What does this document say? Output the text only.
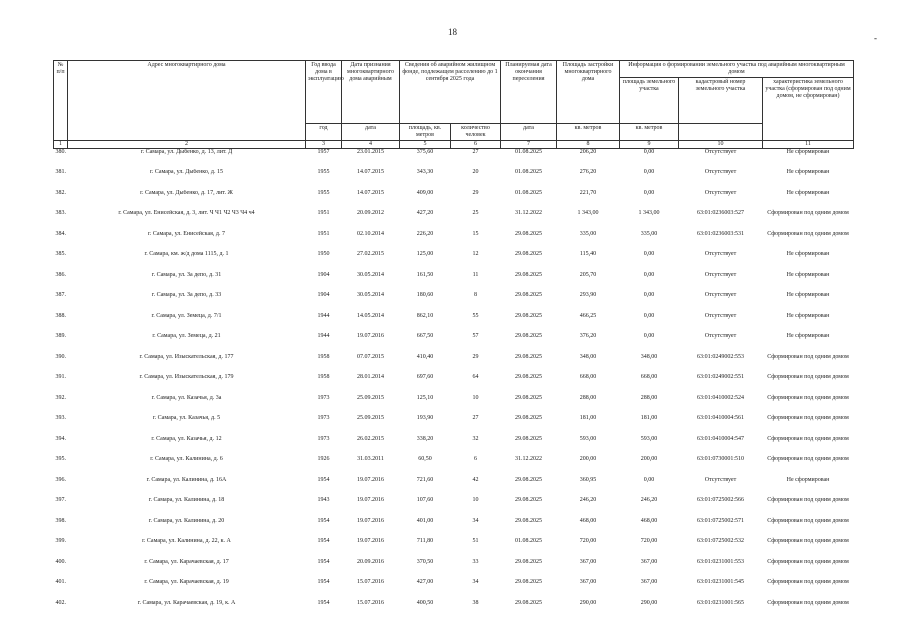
18
-
№ п/п	Адрес многоквартирного дома	Год ввода дома в эксплуатацию	Дата признания многоквартирного дома аварийным	Сведения об аварийном жилищном фонде, подлежащем расселению до 1 сентября 2025 года		Планируемая дата окончания переселения	Площадь застройки многоквартирного дома	Информация о формировании земельного участка под аварийным многоквартирным домом		
								площадь земельного участка	кадастровый номер земельного участка	характеристика земельного участка (сформирован под одним домом, не сформирован)
		год	дата	площадь, кв. метров	количество человек	дата	кв. метров	кв. метров		
1	2	3	4	5	6	7	8	9	10	11
380.	г. Самара, ул. Дыбенко, д. 13, лит. Д	1957	23.01.2015	375,60	27	01.08.2025	206,20	0,00	Отсутствует	Не сформирован
381.	г. Самара, ул. Дыбенко, д. 15	1955	14.07.2015	343,30	20	01.08.2025	276,20	0,00	Отсутствует	Не сформирован
382.	г. Самара, ул. Дыбенко, д. 17, лит. Ж	1955	14.07.2015	409,00	29	01.08.2025	221,70	0,00	Отсутствует	Не сформирован
383.	г. Самара, ул. Енисейская, д. 3, лит. Ч Ч1 Ч2 Ч3 Ч4 ч4	1951	20.09.2012	427,20	25	31.12.2022	1 343,00	1 343,00	63:01:0236003:527	Сформирован под одним домом
384.	г. Самара, ул. Енисейская, д. 7	1951	02.10.2014	226,20	15	29.08.2025	335,00	335,00	63:01:0236003:531	Сформирован под одним домом
385.	г. Самара, км. ж/д дома 1115, д. 1	1950	27.02.2015	125,00	12	29.08.2025	115,40	0,00	Отсутствует	Не сформирован
386.	г. Самара, ул. За депо, д. 31	1904	30.05.2014	161,50	11	29.08.2025	205,70	0,00	Отсутствует	Не сформирован
387.	г. Самара, ул. За депо, д. 33	1904	30.05.2014	180,60	8	29.08.2025	293,90	0,00	Отсутствует	Не сформирован
388.	г. Самара, ул. Земеца, д. 7/1	1944	14.05.2014	862,10	55	29.08.2025	466,25	0,00	Отсутствует	Не сформирован
389.	г. Самара, ул. Земеца, д. 21	1944	19.07.2016	667,50	57	29.08.2025	376,20	0,00	Отсутствует	Не сформирован
390.	г. Самара, ул. Изыскательская, д. 177	1958	07.07.2015	410,40	29	29.08.2025	348,00	348,00	63:01:0249002:553	Сформирован под одним домом
391.	г. Самара, ул. Изыскательская, д. 179	1958	28.01.2014	697,60	64	29.08.2025	668,00	668,00	63:01:0249002:551	Сформирован под одним домом
392.	г. Самара, ул. Казачья, д. 3а	1973	25.09.2015	125,10	10	29.08.2025	288,00	288,00	63:01:0410002:524	Сформирован под одним домом
393.	г. Самара, ул. Казачья, д. 5	1973	25.09.2015	193,90	27	29.08.2025	181,00	181,00	63:01:0410004:561	Сформирован под одним домом
394.	г. Самара, ул. Казачья, д. 12	1973	26.02.2015	338,20	32	29.08.2025	593,00	593,00	63:01:0410004:547	Сформирован под одним домом
395.	г. Самара, ул. Калинина, д. 6	1926	31.03.2011	60,50	6	31.12.2022	200,00	200,00	63:01:0730001:510	Сформирован под одним домом
396.	г. Самара, ул. Калинина, д. 16А	1954	19.07.2016	721,60	42	29.08.2025	360,95	0,00	Отсутствует	Не сформирован
397.	г. Самара, ул. Калинина, д. 18	1943	19.07.2016	107,60	10	29.08.2025	246,20	246,20	63:01:0725002:566	Сформирован под одним домом
398.	г. Самара, ул. Калинина, д. 20	1954	19.07.2016	401,00	34	29.08.2025	468,00	468,00	63:01:0725002:571	Сформирован под одним домом
399.	г. Самара, ул. Калинина, д. 22, к. А	1954	19.07.2016	711,80	51	01.08.2025	720,00	720,00	63:01:0725002:532	Сформирован под одним домом
400.	г. Самара, ул. Карачаевская, д. 17	1954	20.09.2016	370,50	33	29.08.2025	367,00	367,00	63:01:0231001:553	Сформирован под одним домом
401.	г. Самара, ул. Карачаевская, д. 19	1954	15.07.2016	427,00	34	29.08.2025	367,00	367,00	63:01:0231001:545	Сформирован под одним домом
402.	г. Самара, ул. Карачаевская, д. 19, к. А	1954	15.07.2016	400,50	38	29.08.2025	290,00	290,00	63:01:0231001:565	Сформирован под одним домом
